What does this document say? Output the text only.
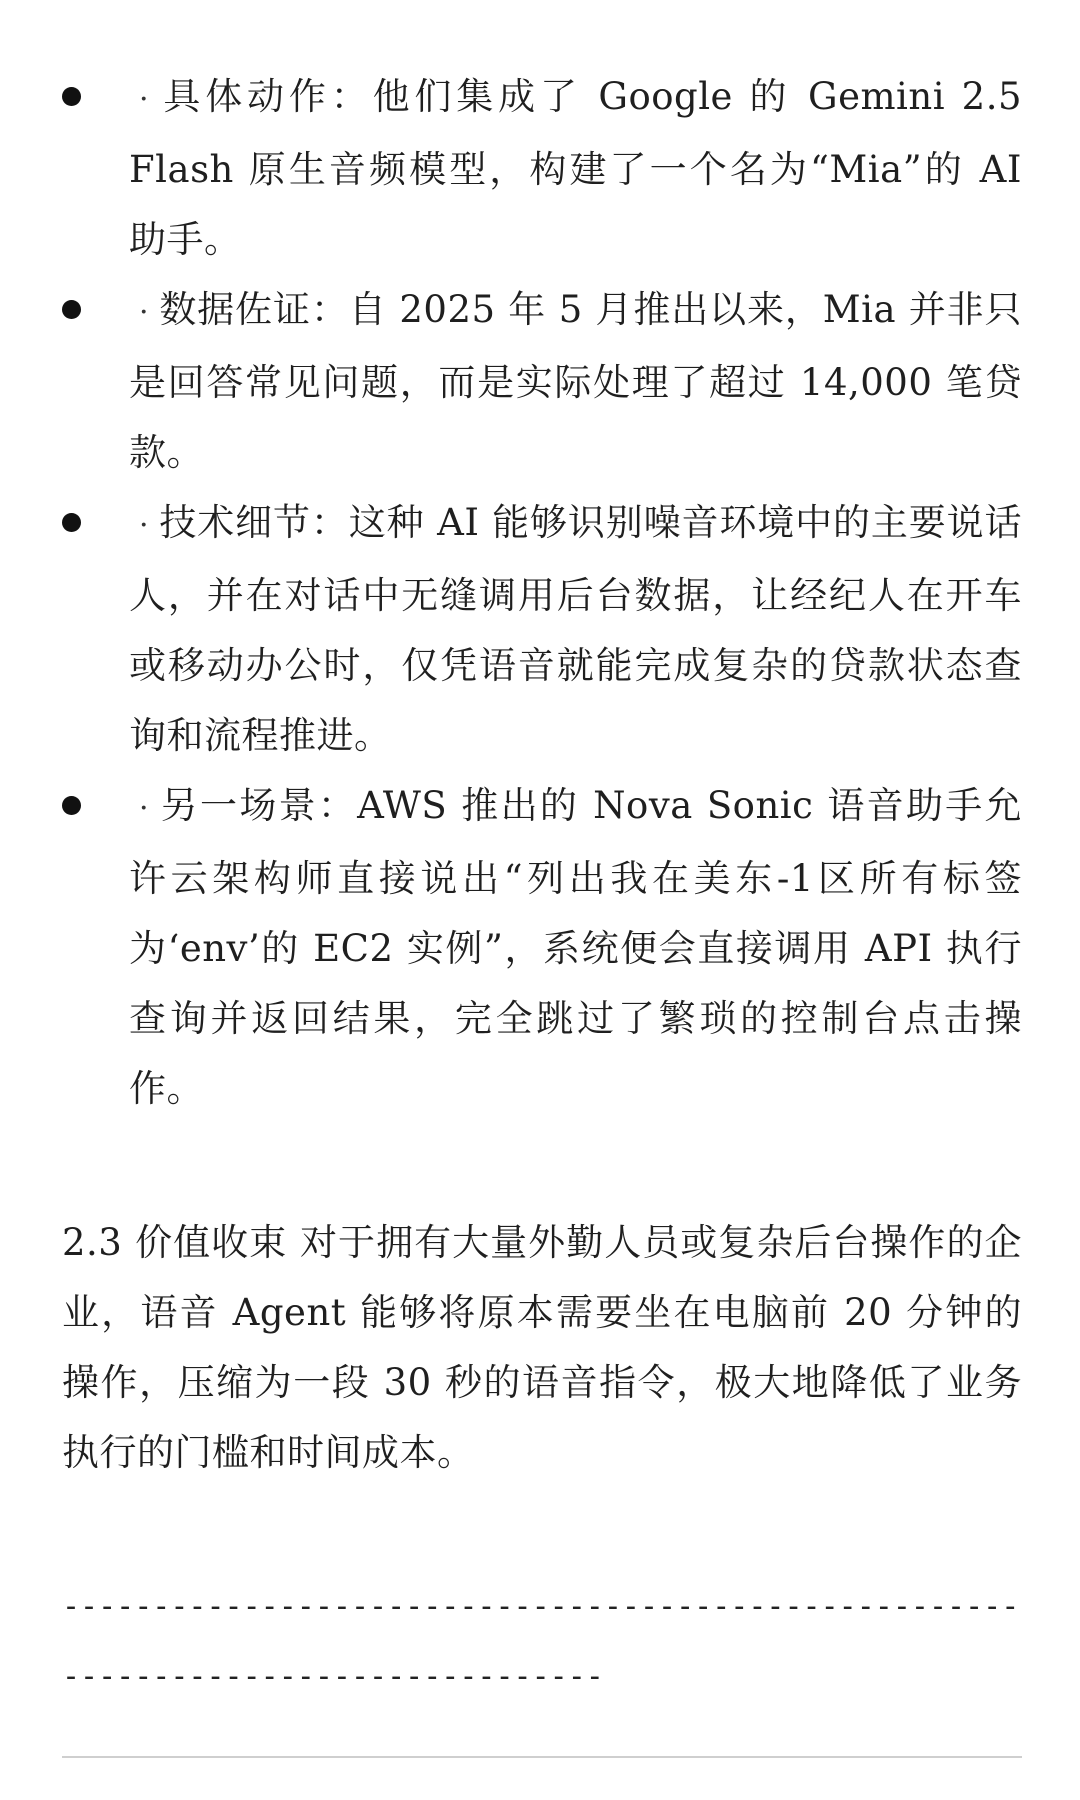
· 具体动作：他们集成了 Google 的 Gemini 2.5 Flash 原生音频模型，构建了一个名为“Mia”的 AI 助手。
· 数据佐证：自 2025 年 5 月推出以来，Mia 并非只是回答常见问题，而是实际处理了超过 14,000 笔贷款。
· 技术细节：这种 AI 能够识别噪音环境中的主要说话人，并在对话中无缝调用后台数据，让经纪人在开车或移动办公时，仅凭语音就能完成复杂的贷款状态查询和流程推进。
· 另一场景：AWS 推出的 Nova Sonic 语音助手允许云架构师直接说出“列出我在美东-1区所有标签为‘env’的 EC2 实例”，系统便会直接调用 API 执行查询并返回结果，完全跳过了繁琐的控制台点击操作。

2.3 价值收束 对于拥有大量外勤人员或复杂后台操作的企业，语音 Agent 能够将原本需要坐在电脑前 20 分钟的操作，压缩为一段 30 秒的语音指令，极大地降低了业务执行的门槛和时间成本。

-----------------------------------------------------------------------------------
